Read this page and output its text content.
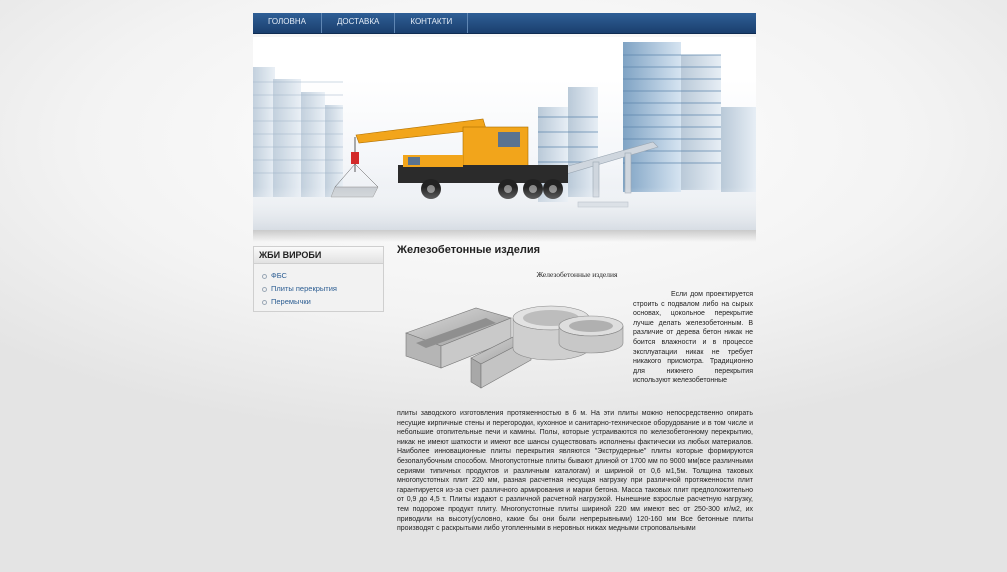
ГОЛОВНА	ДОСТАВКА	КОНТАКТИ
ЖБИ ВИРОБИ
ФБС
Плиты перекрытия
Перемычки
Железобетонные изделия
Железобетонные изделия
Если дом проектируется строить с подвалом либо на сырых основах, цокольное перекрытие лучше делать железобетонным. В различие от дерева бетон никак не боится влажности и в процессе эксплуатации никак не требует никакого присмотра. Традиционно для нижнего перекрытия используют железобетонные
плиты заводского изготовления протяженностью в 6 м. На эти плиты можно непосредственно опирать несущие кирпичные стены и перегородки, кухонное и санитарно-техническое оборудование и в том числе и небольшие отопительные печи и камины. Полы, которые устраиваются по железобетонному перекрытию, никак не имеют шаткости и имеют все шансы существовать исполнены фактически из любых материалов. Наиболее инновационные плиты перекрытия являются "Экструдерные" плиты которые формируются безопалубочным способом. Многопустотные плиты бывают длиной от 1700 мм по 9000 мм(все различными сериями типичных продуктов и различным каталогам) и шириной от 0,6 м1,5м. Толщина таковых многопустотных плит 220 мм, разная расчетная несущая нагрузку при различной протяженности плит гарантируется из-за счет различного армирования и марки бетона. Масса таковых плит предположительно от 0,9 до 4,5 т. Плиты издают с различной расчетной нагрузкой. Нынешние взрослые расчетную нагрузку, тем подороже продукт плиту. Многопустотные плиты шириной 220 мм имеют вес от 250-300 кг/м2, их приводили на высоту(условно, какие бы они были непрерывными) 120-160 мм Все бетонные плиты производят с раскрытыми либо утопленными в неровных нижах медными строповальными
